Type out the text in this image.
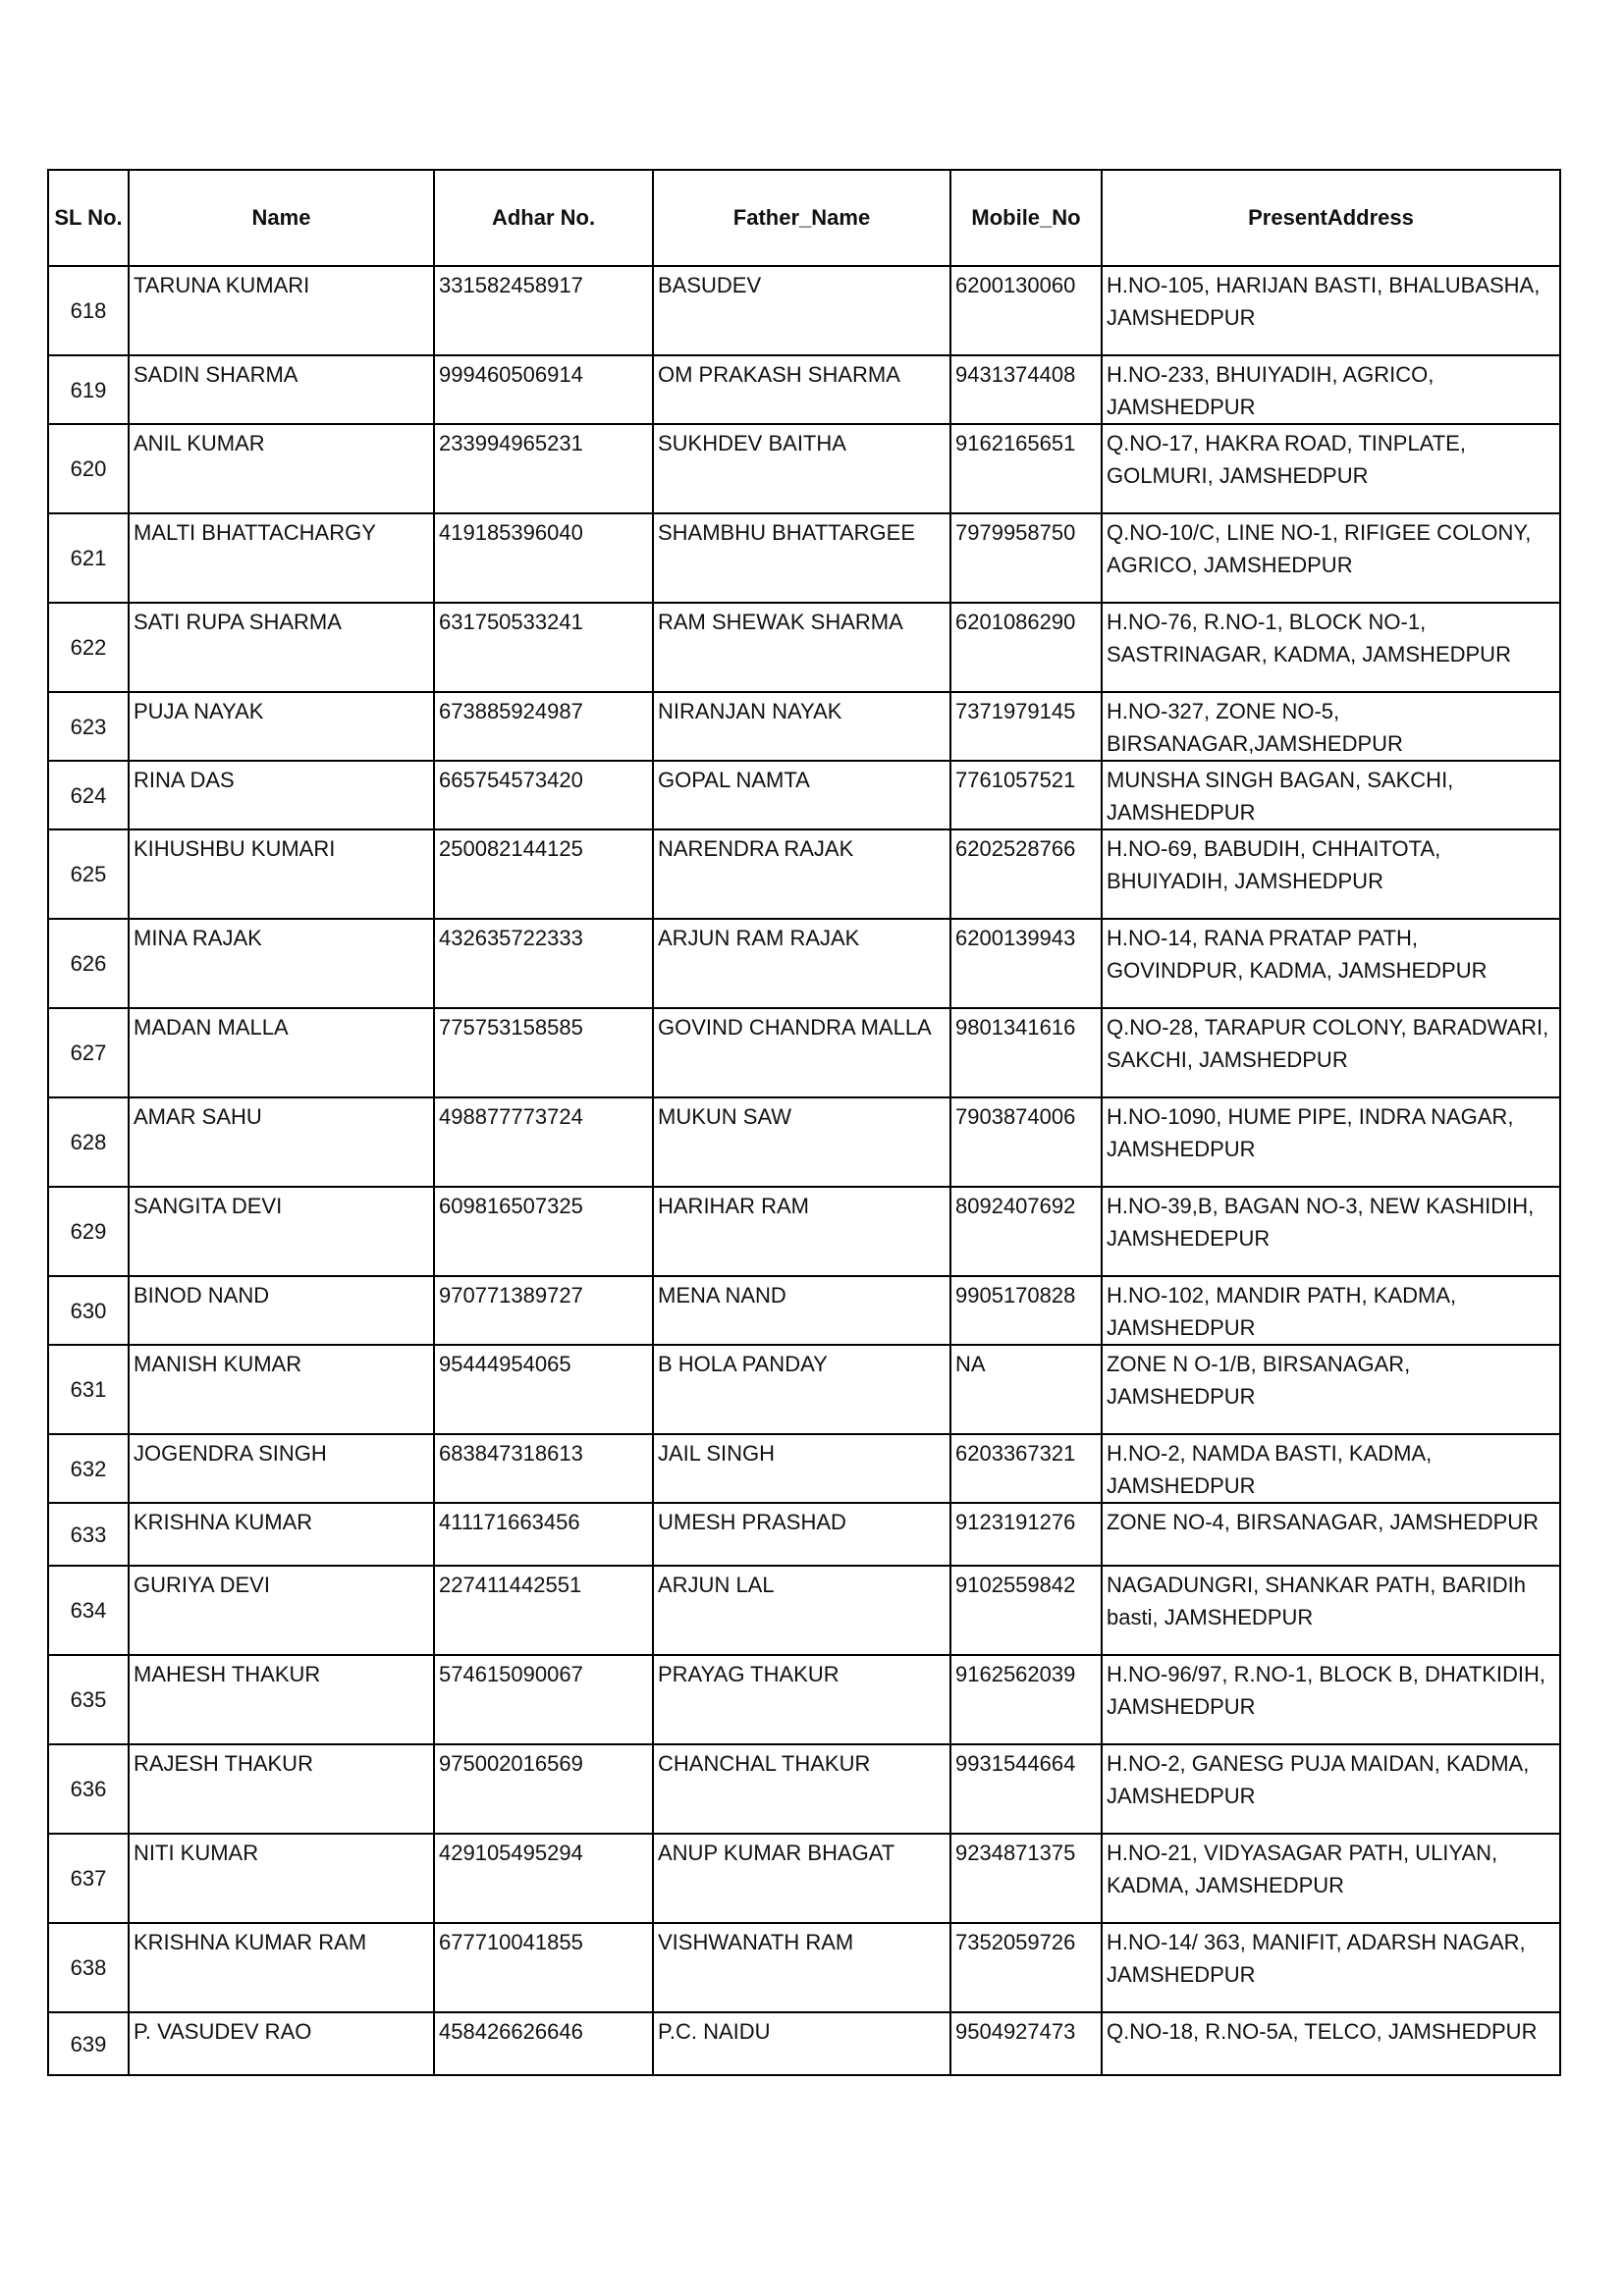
SL No.	Name	Adhar No.	Father_Name	Mobile_No	PresentAddress
618	TARUNA KUMARI	331582458917	BASUDEV	6200130060	H.NO-105, HARIJAN BASTI, BHALUBASHA, JAMSHEDPUR
619	SADIN SHARMA	999460506914	OM PRAKASH SHARMA	9431374408	H.NO-233, BHUIYADIH, AGRICO, JAMSHEDPUR
620	ANIL KUMAR	233994965231	SUKHDEV BAITHA	9162165651	Q.NO-17, HAKRA ROAD, TINPLATE, GOLMURI, JAMSHEDPUR
621	MALTI BHATTACHARGY	419185396040	SHAMBHU BHATTARGEE	7979958750	Q.NO-10/C, LINE NO-1, RIFIGEE COLONY, AGRICO, JAMSHEDPUR
622	SATI RUPA SHARMA	631750533241	RAM SHEWAK SHARMA	6201086290	H.NO-76, R.NO-1, BLOCK NO-1, SASTRINAGAR, KADMA, JAMSHEDPUR
623	PUJA NAYAK	673885924987	NIRANJAN NAYAK	7371979145	H.NO-327, ZONE NO-5, BIRSANAGAR,JAMSHEDPUR
624	RINA DAS	665754573420	GOPAL NAMTA	7761057521	MUNSHA SINGH BAGAN, SAKCHI, JAMSHEDPUR
625	KIHUSHBU KUMARI	250082144125	NARENDRA RAJAK	6202528766	H.NO-69, BABUDIH, CHHAITOTA, BHUIYADIH, JAMSHEDPUR
626	MINA RAJAK	432635722333	ARJUN RAM RAJAK	6200139943	H.NO-14, RANA PRATAP PATH, GOVINDPUR, KADMA, JAMSHEDPUR
627	MADAN MALLA	775753158585	GOVIND CHANDRA MALLA	9801341616	Q.NO-28, TARAPUR COLONY, BARADWARI, SAKCHI, JAMSHEDPUR
628	AMAR SAHU	498877773724	MUKUN SAW	7903874006	H.NO-1090, HUME PIPE, INDRA NAGAR, JAMSHEDPUR
629	SANGITA DEVI	609816507325	HARIHAR RAM	8092407692	H.NO-39,B, BAGAN NO-3, NEW KASHIDIH, JAMSHEDEPUR
630	BINOD NAND	970771389727	MENA NAND	9905170828	H.NO-102, MANDIR PATH, KADMA, JAMSHEDPUR
631	MANISH KUMAR	95444954065	B HOLA PANDAY	NA	ZONE N O-1/B, BIRSANAGAR, JAMSHEDPUR
632	JOGENDRA SINGH	683847318613	JAIL SINGH	6203367321	H.NO-2, NAMDA BASTI, KADMA, JAMSHEDPUR
633	KRISHNA KUMAR	411171663456	UMESH PRASHAD	9123191276	ZONE NO-4, BIRSANAGAR, JAMSHEDPUR
634	GURIYA DEVI	227411442551	ARJUN LAL	9102559842	NAGADUNGRI, SHANKAR PATH, BARIDIh basti, JAMSHEDPUR
635	MAHESH THAKUR	574615090067	PRAYAG THAKUR	9162562039	H.NO-96/97, R.NO-1, BLOCK B, DHATKIDIH, JAMSHEDPUR
636	RAJESH THAKUR	975002016569	CHANCHAL THAKUR	9931544664	H.NO-2, GANESG PUJA MAIDAN, KADMA, JAMSHEDPUR
637	NITI KUMAR	429105495294	ANUP KUMAR BHAGAT	9234871375	H.NO-21, VIDYASAGAR PATH, ULIYAN, KADMA, JAMSHEDPUR
638	KRISHNA KUMAR RAM	677710041855	VISHWANATH RAM	7352059726	H.NO-14/ 363, MANIFIT, ADARSH NAGAR, JAMSHEDPUR
639	P. VASUDEV RAO	458426626646	P.C. NAIDU	9504927473	Q.NO-18, R.NO-5A, TELCO, JAMSHEDPUR
